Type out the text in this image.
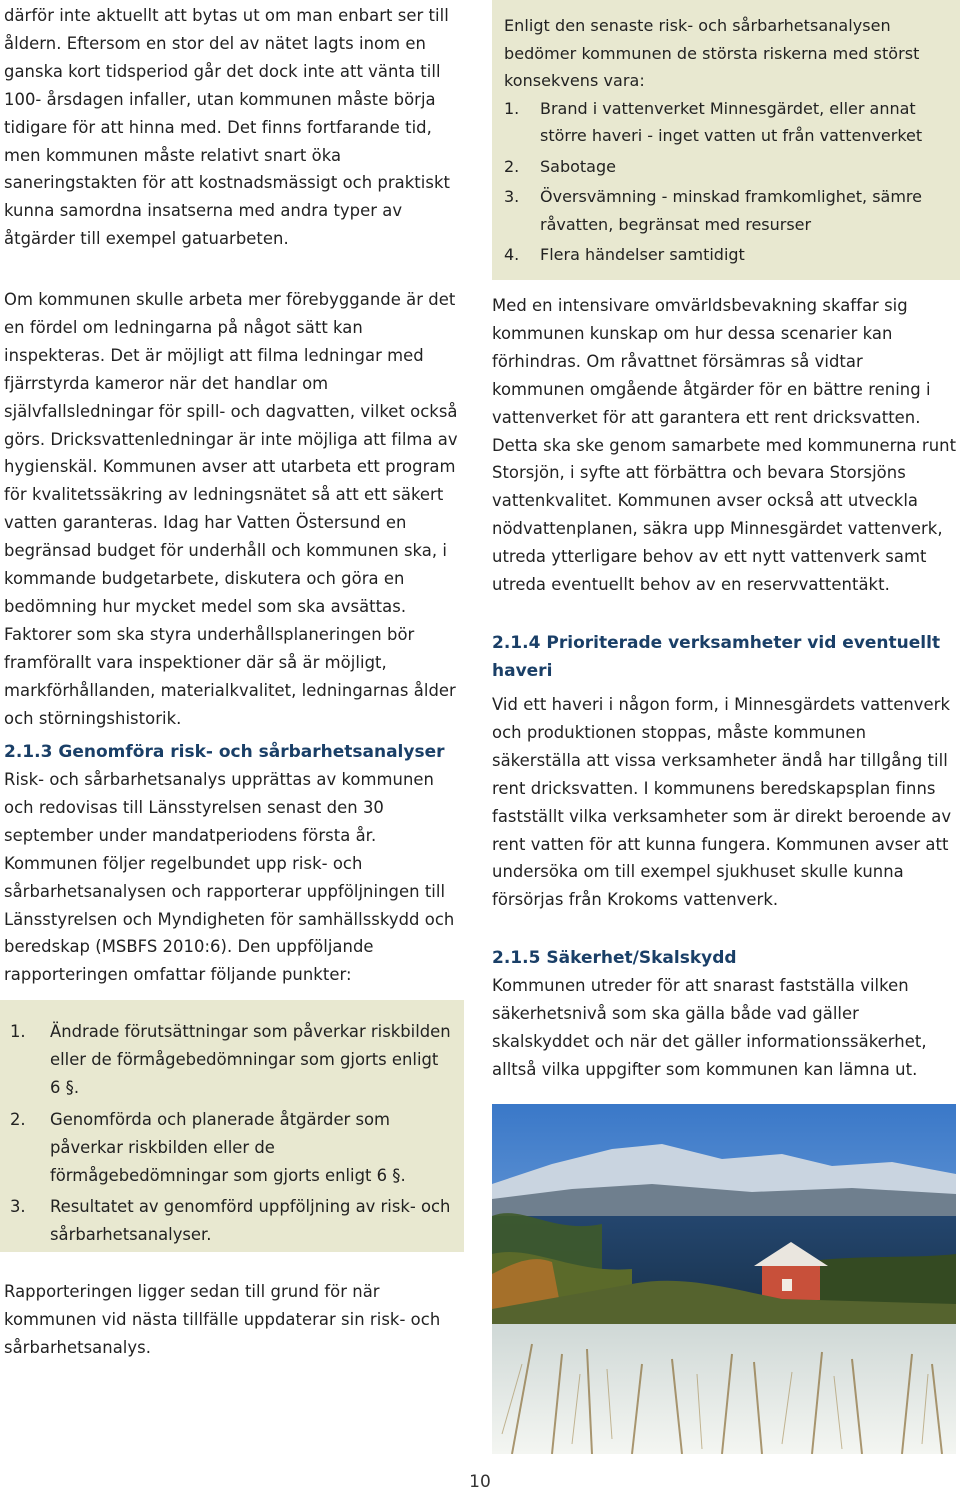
därför inte aktuellt att bytas ut om man enbart ser till åldern. Eftersom en stor del av nätet lagts inom en ganska kort tidsperiod går det dock inte att vänta till 100- årsdagen infaller, utan kommunen måste börja tidigare för att hinna med. Det finns fortfarande tid, men kommunen måste relativt snart öka saneringstakten för att kostnadsmässigt och praktiskt kunna samordna insatserna med andra typer av åtgärder till exempel gatuarbeten.

Om kommunen skulle arbeta mer förebyggande är det en fördel om ledningarna på något sätt kan inspekteras. Det är möjligt att filma ledningar med fjärrstyrda kameror när det handlar om självfallsledningar för spill- och dagvatten, vilket också görs. Dricksvattenledningar är inte möjliga att filma av hygienskäl. Kommunen avser att utarbeta ett program för kvalitetssäkring av ledningsnätet så att ett säkert vatten garanteras. Idag har Vatten Östersund en begränsad budget för underhåll och kommunen ska, i kommande budgetarbete, diskutera och göra en bedömning hur mycket medel som ska avsättas. Faktorer som ska styra underhållsplaneringen bör framförallt vara inspektioner där så är möjligt, markförhållanden, materialkvalitet, ledningarnas ålder och störningshistorik.

2.1.3 Genomföra risk- och sårbarhetsanalyser

Risk- och sårbarhetsanalys upprättas av kommunen och redovisas till Länsstyrelsen senast den 30 september under mandatperiodens första år. Kommunen följer regelbundet upp risk- och sårbarhetsanalysen och rapporterar uppföljningen till Länsstyrelsen och Myndigheten för samhällsskydd och beredskap (MSBFS 2010:6). Den uppföljande rapporteringen omfattar följande punkter:

1. Ändrade förutsättningar som påverkar riskbilden eller de förmågebedömningar som gjorts enligt 6 §.
2. Genomförda och planerade åtgärder som påverkar riskbilden eller de förmågebedömningar som gjorts enligt 6 §.
3. Resultatet av genomförd uppföljning av risk- och sårbarhetsanalyser.

Rapporteringen ligger sedan till grund för när kommunen vid nästa tillfälle uppdaterar sin risk- och sårbarhetsanalys.

Enligt den senaste risk- och sårbarhetsanalysen bedömer kommunen de största riskerna med störst konsekvens vara:

1. Brand i vattenverket Minnesgärdet, eller annat större haveri - inget vatten ut från vattenverket
2. Sabotage
3. Översvämning - minskad framkomlighet, sämre råvatten, begränsat med resurser
4. Flera händelser samtidigt

Med en intensivare omvärldsbevakning skaffar sig kommunen kunskap om hur dessa scenarier kan förhindras. Om råvattnet försämras så vidtar kommunen omgående åtgärder för en bättre rening i vattenverket för att garantera ett rent dricksvatten. Detta ska ske genom samarbete med kommunerna runt Storsjön, i syfte att förbättra och bevara Storsjöns vattenkvalitet. Kommunen avser också att utveckla nödvattenplanen, säkra upp Minnesgärdet vattenverk, utreda ytterligare behov av ett nytt vattenverk samt utreda eventuellt behov av en reservvattentäkt.

2.1.4 Prioriterade verksamheter vid eventuellt haveri

Vid ett haveri i någon form, i Minnesgärdets vattenverk och produktionen stoppas, måste kommunen säkerställa att vissa verksamheter ändå har tillgång till rent dricksvatten. I kommunens beredskapsplan finns fastställt vilka verksamheter som är direkt beroende av rent vatten för att kunna fungera. Kommunen avser att undersöka om till exempel sjukhuset skulle kunna försörjas från Krokoms vattenverk.

2.1.5 Säkerhet/Skalskydd

Kommunen utreder för att snarast fastställa vilken säkerhetsnivå som ska gälla både vad gäller skalskyddet och när det gäller informationssäkerhet, alltså vilka uppgifter som kommunen kan lämna ut.

10
